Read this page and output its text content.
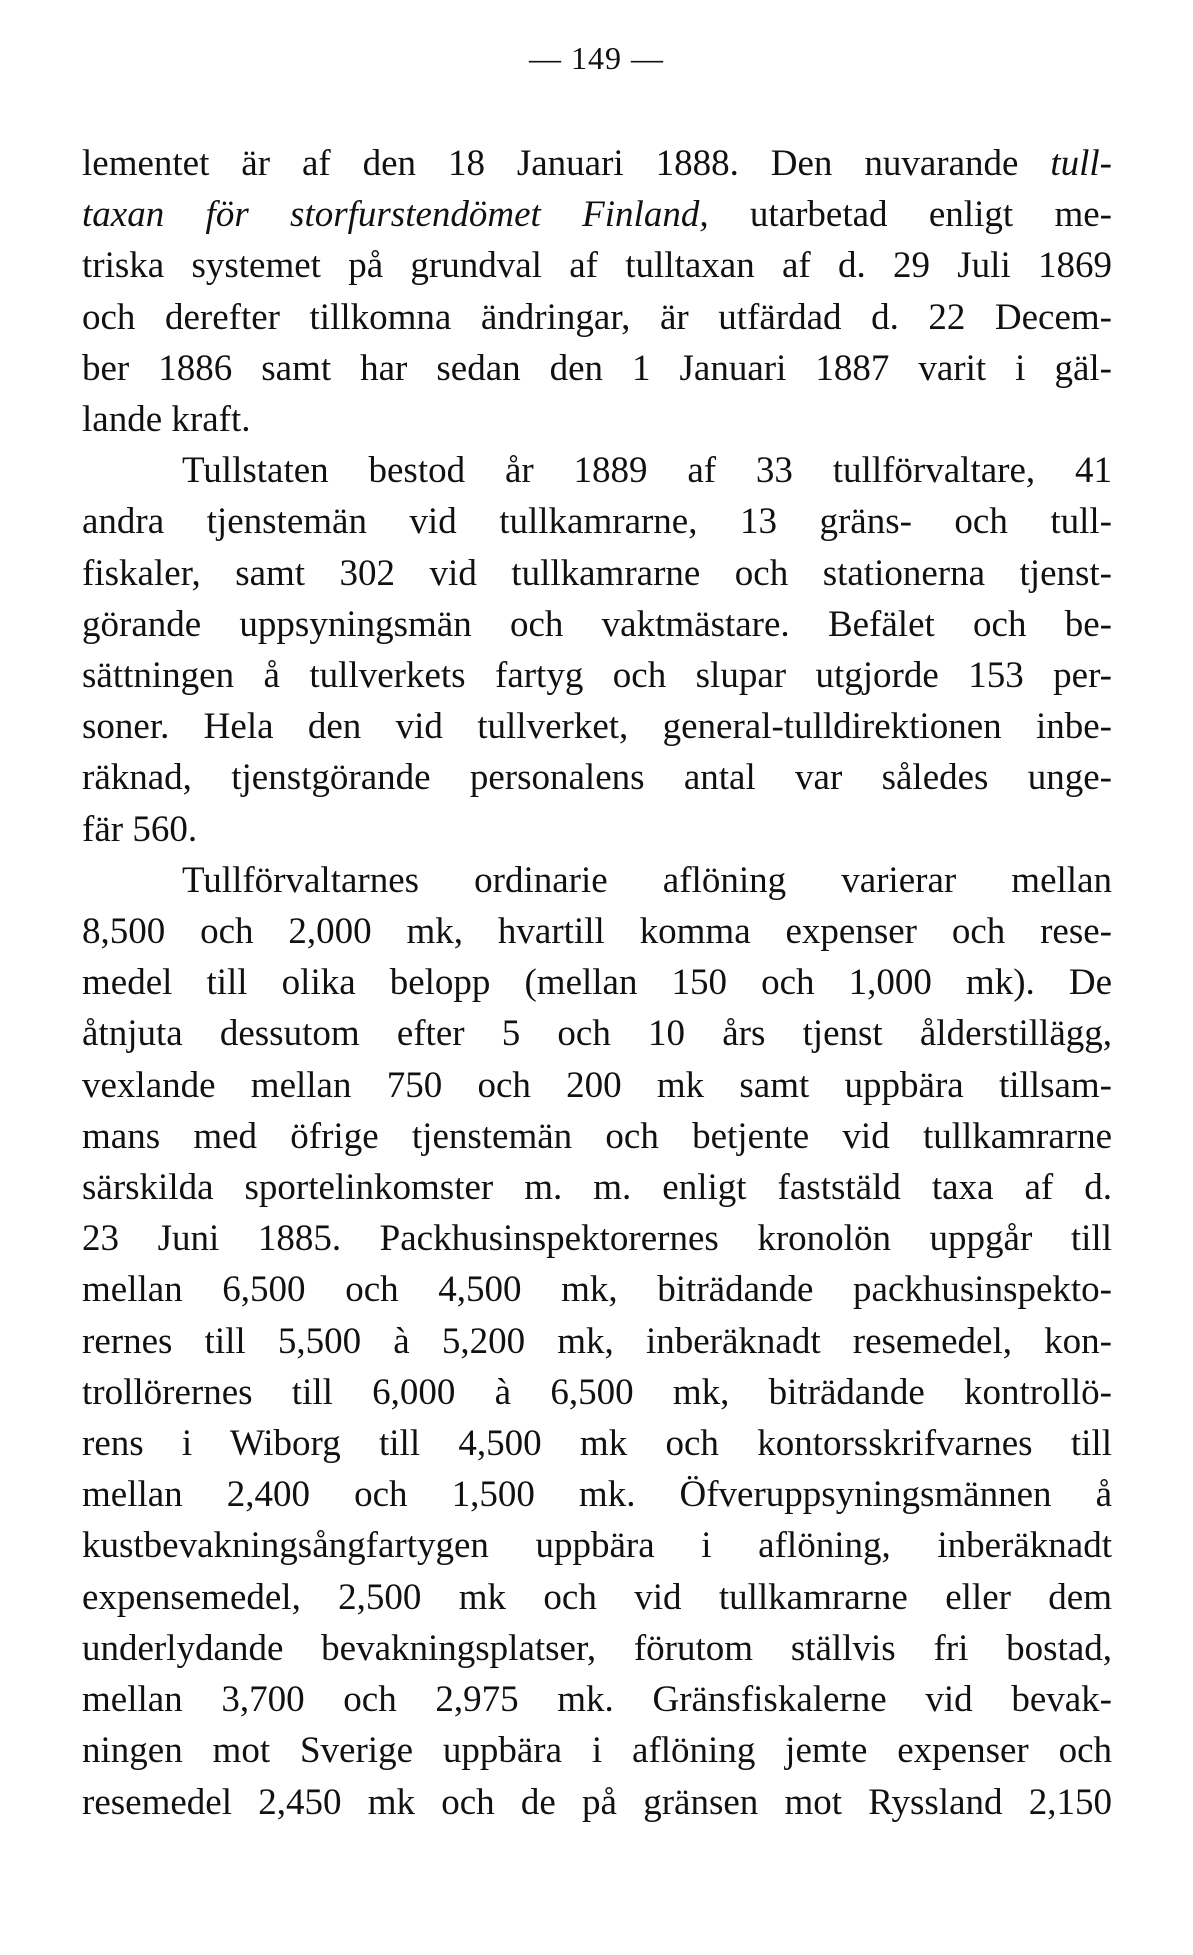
— 149 —
lementet är af den 18 Januari 1888. Den nuvarande tull-
taxan för storfurstendömet Finland, utarbetad enligt me-
triska systemet på grundval af tulltaxan af d. 29 Juli 1869
och derefter tillkomna ändringar, är utfärdad d. 22 Decem-
ber 1886 samt har sedan den 1 Januari 1887 varit i gäl-
lande kraft.
Tullstaten bestod år 1889 af 33 tullförvaltare, 41
andra tjenstemän vid tullkamrarne, 13 gräns- och tull-
fiskaler, samt 302 vid tullkamrarne och stationerna tjenst-
görande uppsyningsmän och vaktmästare. Befälet och be-
sättningen å tullverkets fartyg och slupar utgjorde 153 per-
soner. Hela den vid tullverket, general-tulldirektionen inbe-
räknad, tjenstgörande personalens antal var således unge-
fär 560.
Tullförvaltarnes ordinarie aflöning varierar mellan
8,500 och 2,000 mk, hvartill komma expenser och rese-
medel till olika belopp (mellan 150 och 1,000 mk). De
åtnjuta dessutom efter 5 och 10 års tjenst ålderstillägg,
vexlande mellan 750 och 200 mk samt uppbära tillsam-
mans med öfrige tjenstemän och betjente vid tullkamrarne
särskilda sportelinkomster m. m. enligt faststäld taxa af d.
23 Juni 1885. Packhusinspektorernes kronolön uppgår till
mellan 6,500 och 4,500 mk, biträdande packhusinspekto-
rernes till 5,500 à 5,200 mk, inberäknadt resemedel, kon-
trollörernes till 6,000 à 6,500 mk, biträdande kontrollö-
rens i Wiborg till 4,500 mk och kontorsskrifvarnes till
mellan 2,400 och 1,500 mk. Öfveruppsyningsmännen å
kustbevakningsångfartygen uppbära i aflöning, inberäknadt
expensemedel, 2,500 mk och vid tullkamrarne eller dem
underlydande bevakningsplatser, förutom ställvis fri bostad,
mellan 3,700 och 2,975 mk. Gränsfiskalerne vid bevak-
ningen mot Sverige uppbära i aflöning jemte expenser och
resemedel 2,450 mk och de på gränsen mot Ryssland 2,150
